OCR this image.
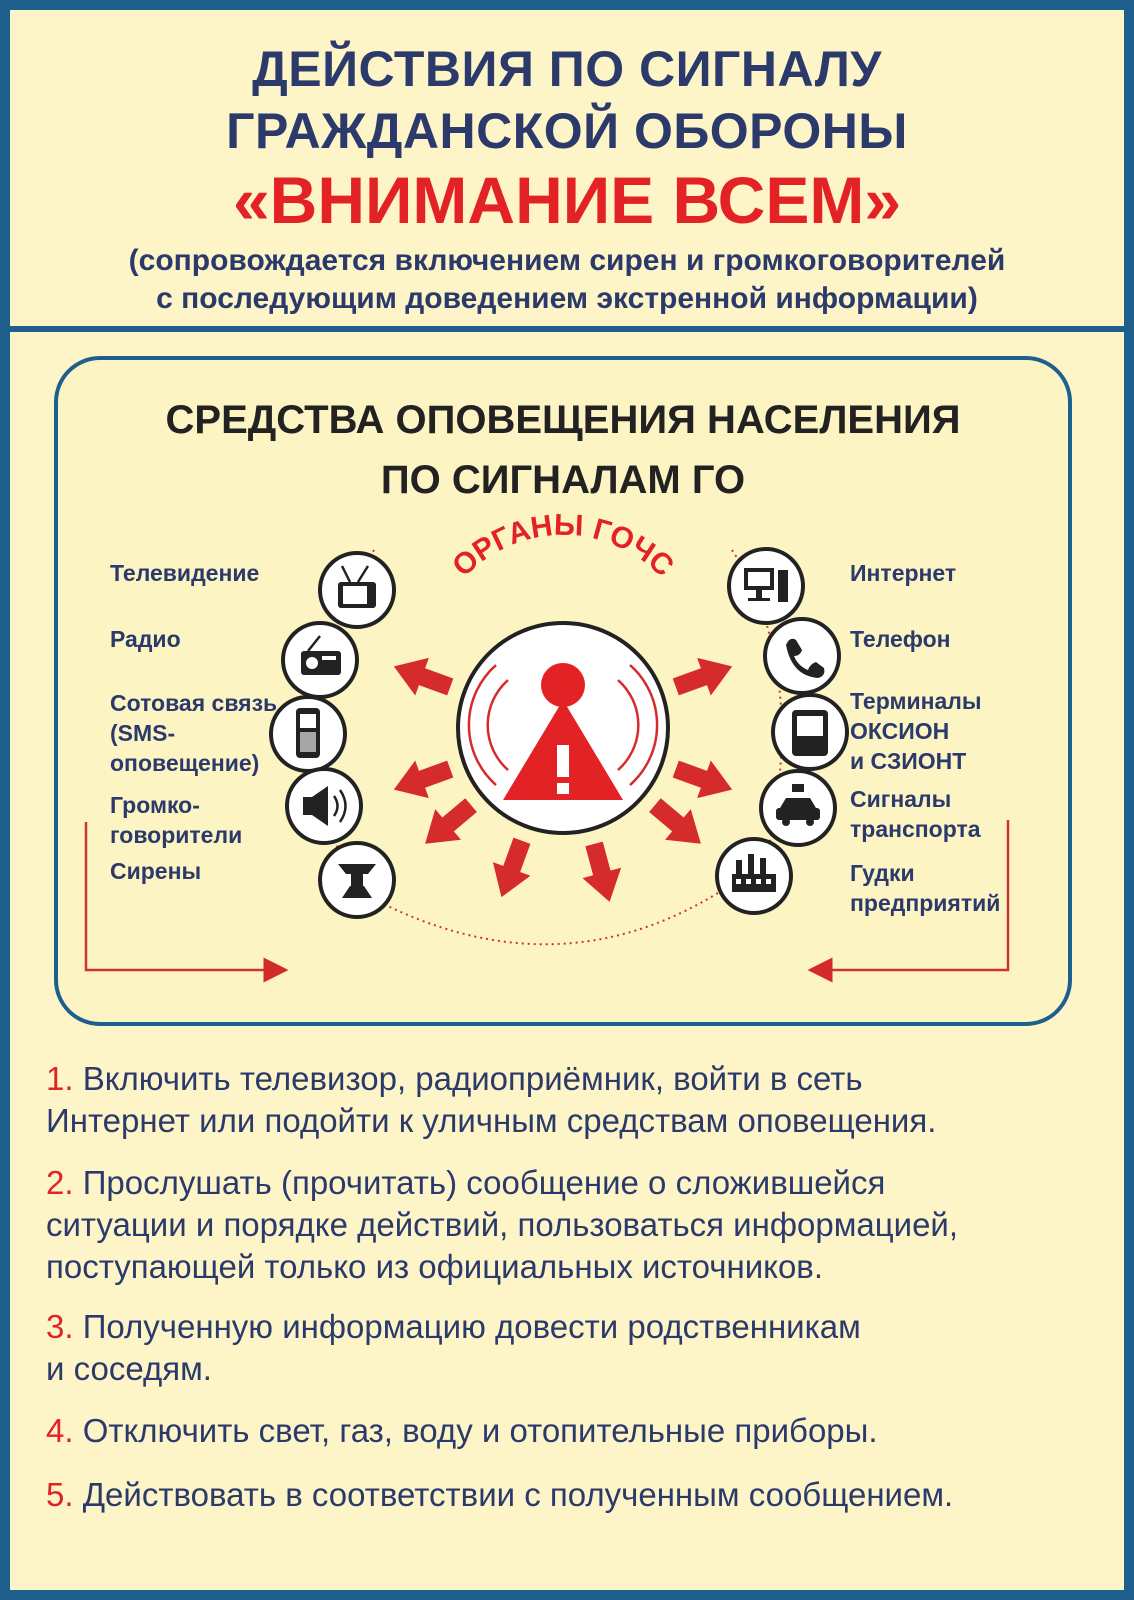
ДЕЙСТВИЯ ПО СИГНАЛУ
ГРАЖДАНСКОЙ ОБОРОНЫ
«ВНИМАНИЕ ВСЕМ»
(сопровождается включением сирен и громкоговорителей
с последующим доведением экстренной информации)
СРЕДСТВА ОПОВЕЩЕНИЯ НАСЕЛЕНИЯ
ПО СИГНАЛАМ ГО
ОРГАНЫ ГОЧС
Телевидение
Радио
Сотовая связь
(SMS-
оповещение)
Громко-
говорители
Сирены
Интернет
Телефон
Терминалы
ОКСИОН
и СЗИОНТ
Сигналы
транспорта
Гудки
предприятий
1. Включить телевизор, радиоприёмник, войти в сеть
Интернет или подойти к уличным средствам оповещения.
2. Прослушать (прочитать) сообщение о сложившейся
ситуации и порядке действий, пользоваться информацией,
поступающей только из официальных источников.
3. Полученную информацию довести родственникам
и соседям.
4. Отключить свет, газ, воду и отопительные приборы.
5. Действовать в соответствии с полученным сообщением.
